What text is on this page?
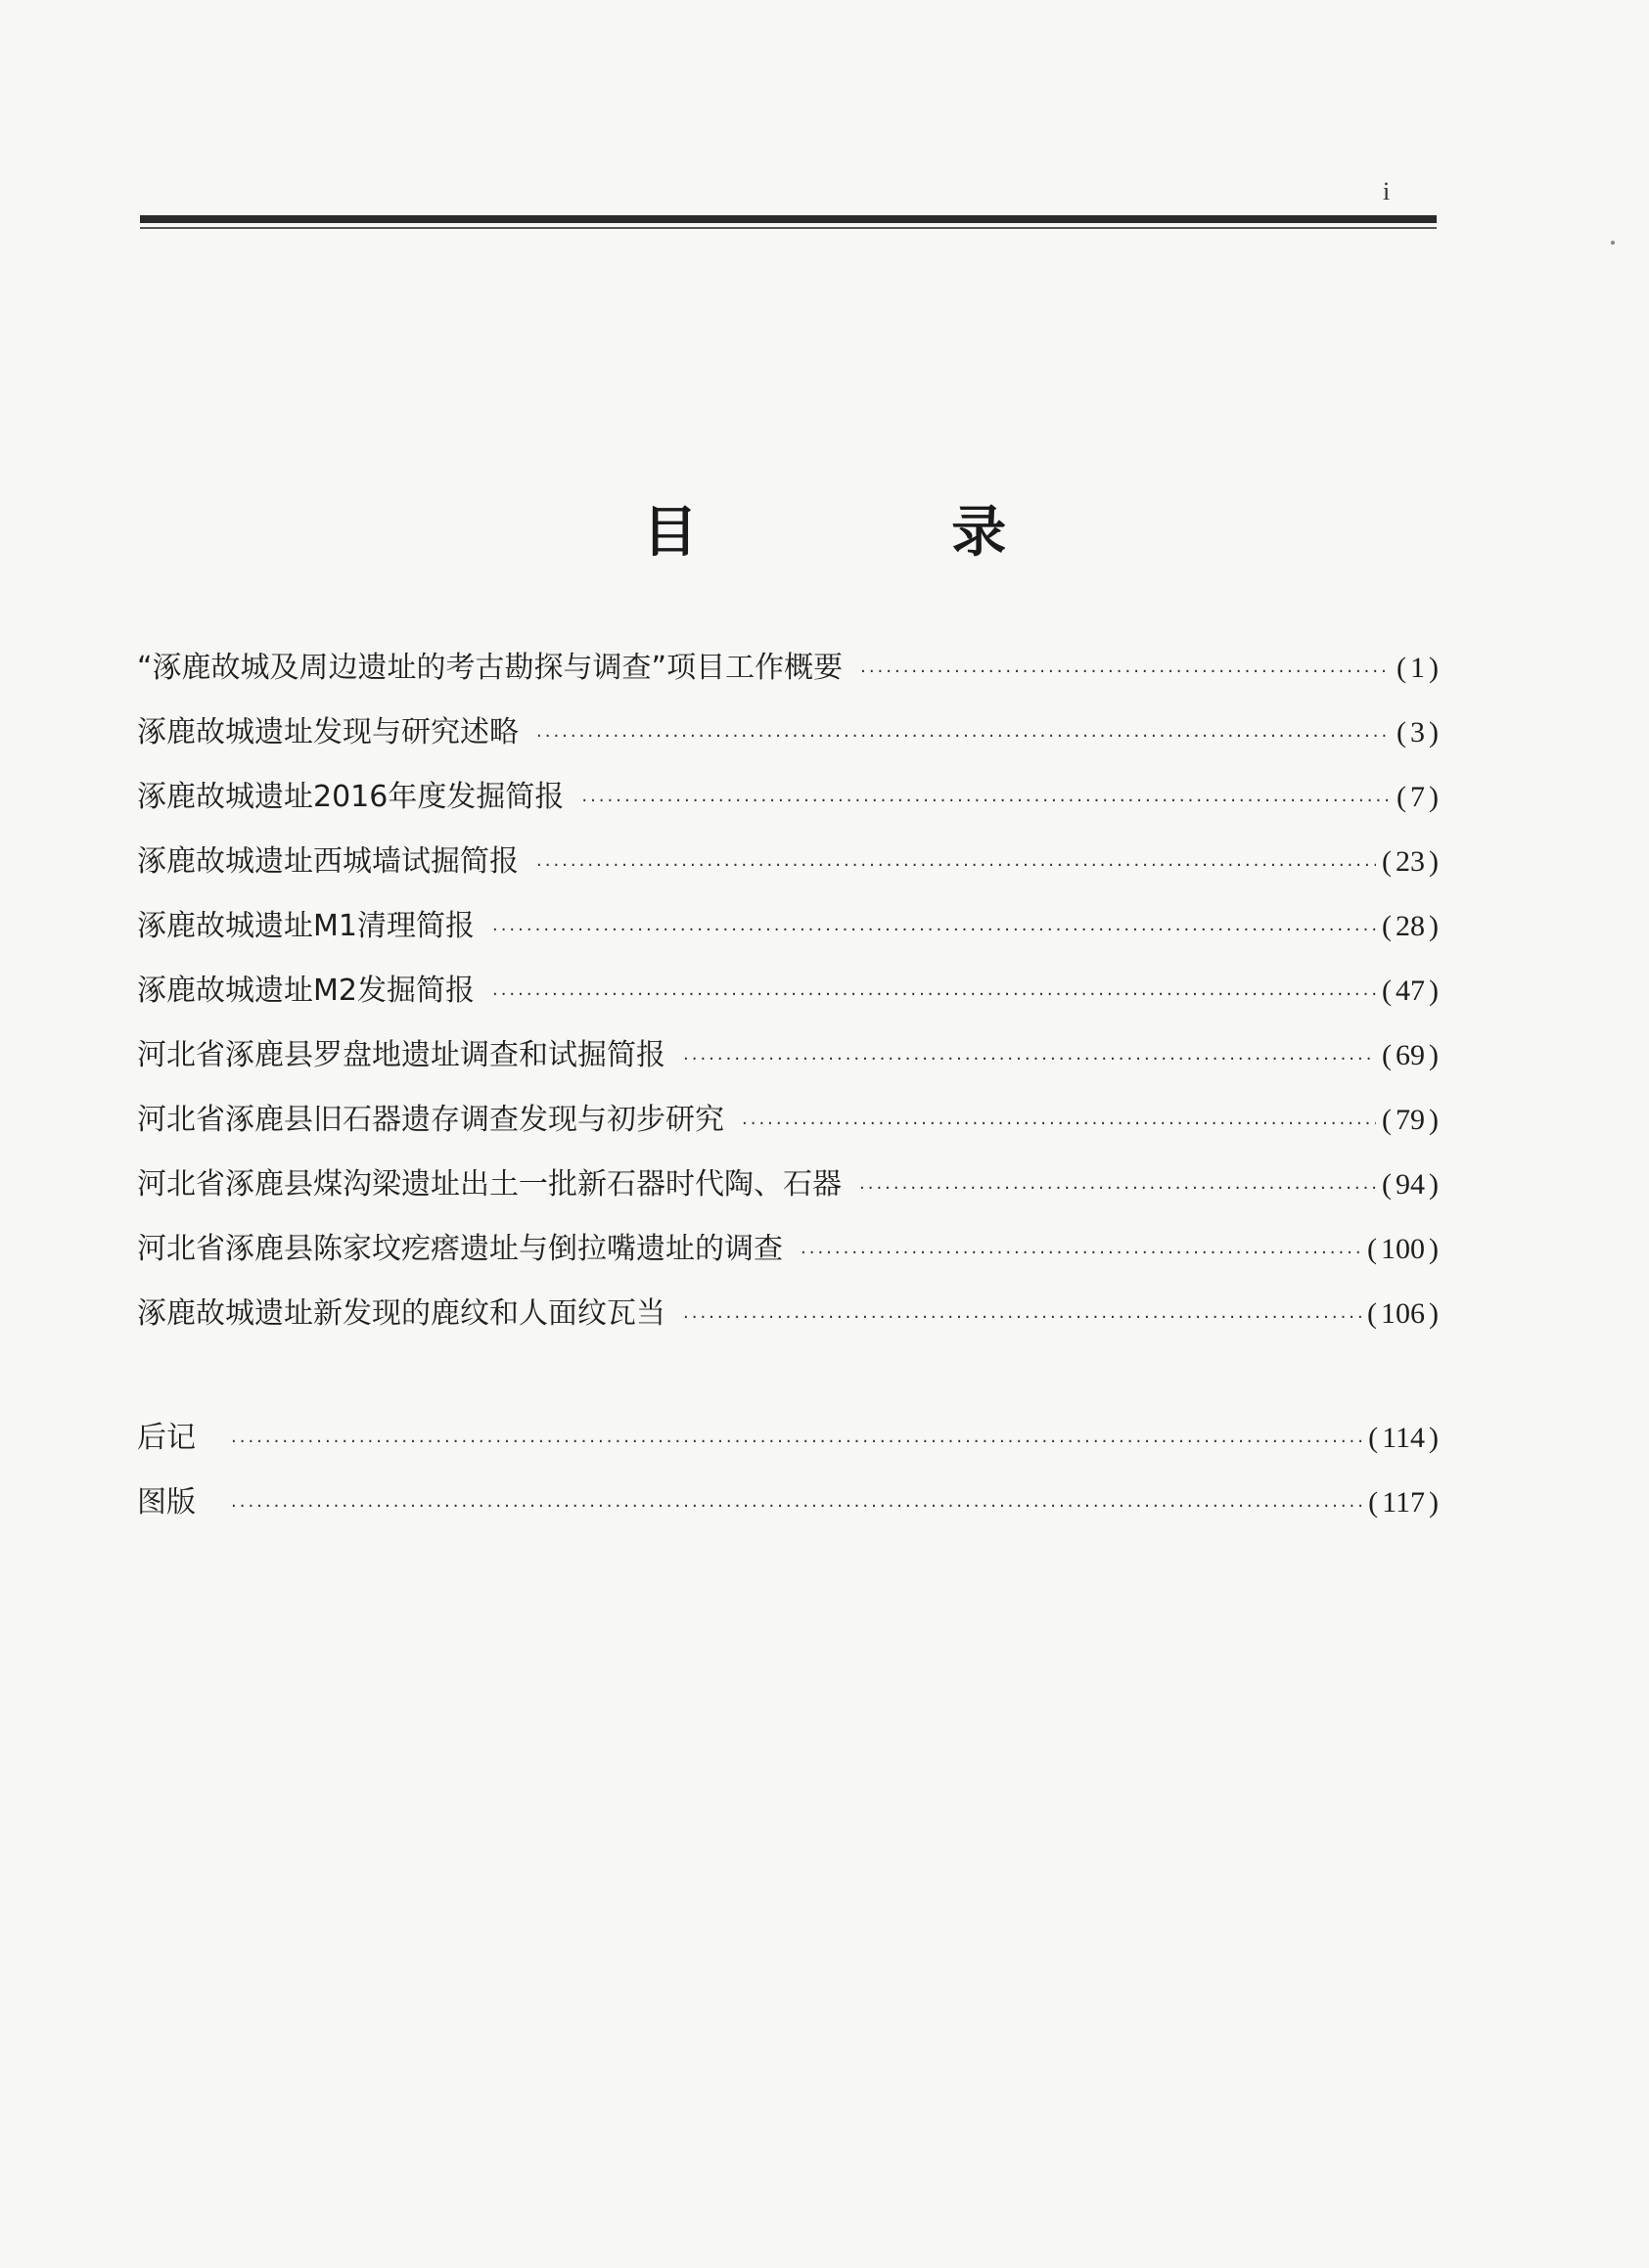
i
目 录
“涿鹿故城及周边遗址的考古勘探与调查”项目工作概要 ·····	( 1 )
涿鹿故城遗址发现与研究述略 ·····	( 3 )
涿鹿故城遗址2016年度发掘简报 ·····	( 7 )
涿鹿故城遗址西城墙试掘简报 ·····	( 23 )
涿鹿故城遗址M1清理简报 ·····	( 28 )
涿鹿故城遗址M2发掘简报 ·····	( 47 )
河北省涿鹿县罗盘地遗址调查和试掘简报 ·····	( 69 )
河北省涿鹿县旧石器遗存调查发现与初步研究 ·····	( 79 )
河北省涿鹿县煤沟梁遗址出土一批新石器时代陶、石器 ·····	( 94 )
河北省涿鹿县陈家坟疙瘩遗址与倒拉嘴遗址的调查 ·····	( 100 )
涿鹿故城遗址新发现的鹿纹和人面纹瓦当 ·····	( 106 )
后记 ·····	( 114 )
图版 ·····	( 117 )
